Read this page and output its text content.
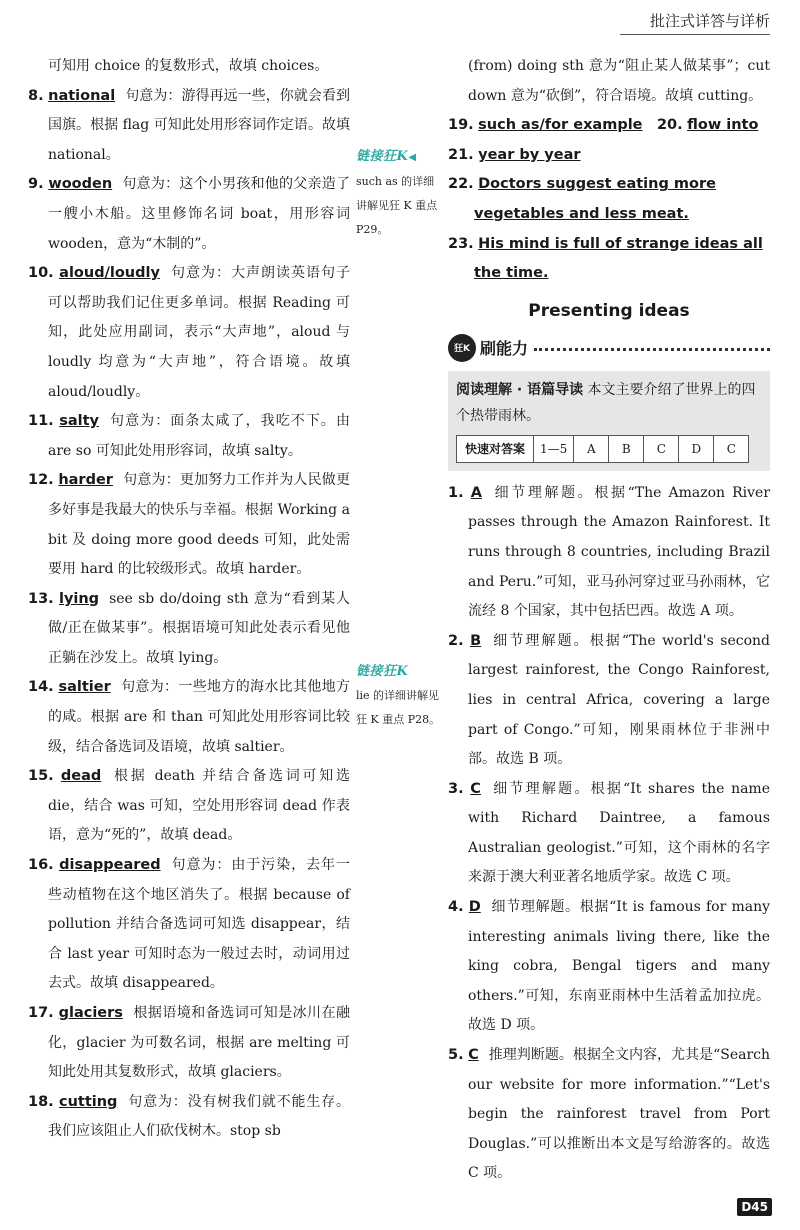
批注式详答与详析

可知用 choice 的复数形式，故填 choices。

8. national 句意为：游得再远一些，你就会看到国旗。根据 flag 可知此处用形容词作定语。故填 national。

9. wooden 句意为：这个小男孩和他的父亲造了一艘小木船。这里修饰名词 boat，用形容词 wooden，意为“木制的”。

10. aloud/loudly 句意为：大声朗读英语句子可以帮助我们记住更多单词。根据 Reading 可知，此处应用副词，表示“大声地”，aloud 与 loudly 均意为“大声地”，符合语境。故填 aloud/loudly。

11. salty 句意为：面条太咸了，我吃不下。由 are so 可知此处用形容词，故填 salty。

12. harder 句意为：更加努力工作并为人民做更多好事是我最大的快乐与幸福。根据 Working a bit 及 doing more good deeds 可知，此处需要用 hard 的比较级形式。故填 harder。

13. lying see sb do/doing sth 意为“看到某人做/正在做某事”。根据语境可知此处表示看见他正躺在沙发上。故填 lying。

14. saltier 句意为：一些地方的海水比其他地方的咸。根据 are 和 than 可知此处用形容词比较级，结合备选词及语境，故填 saltier。

15. dead 根据 death 并结合备选词可知选 die，结合 was 可知，空处用形容词 dead 作表语，意为“死的”，故填 dead。

16. disappeared 句意为：由于污染，去年一些动植物在这个地区消失了。根据 because of pollution 并结合备选词可知选 disappear，结合 last year 可知时态为一般过去时，动词用过去式。故填 disappeared。

17. glaciers 根据语境和备选词可知是冰川在融化，glacier 为可数名词，根据 are melting 可知此处用其复数形式，故填 glaciers。

18. cutting 句意为：没有树我们就不能生存。我们应该阻止人们砍伐树木。stop sb

链接狂K◀
such as 的详细讲解见狂 K 重点 P29。
链接狂K
lie 的详细讲解见狂 K 重点 P28。

(from) doing sth 意为“阻止某人做某事”；cut down 意为“砍倒”，符合语境。故填 cutting。

19. such as/for example 20. flow into

21. year by year

22. Doctors suggest eating more vegetables and less meat.

23. His mind is full of strange ideas all the time.

Presenting ideas
狂K 刷能力
阅读理解 · 语篇导读 本文主要介绍了世界上的四个热带雨林。
快速对答案	1—5	A	B	C	D	C

1. A 细节理解题。根据“The Amazon River passes through the Amazon Rainforest. It runs through 8 countries, including Brazil and Peru.”可知，亚马孙河穿过亚马孙雨林，它流经 8 个国家，其中包括巴西。故选 A 项。

2. B 细节理解题。根据“The world's second largest rainforest, the Congo Rainforest, lies in central Africa, covering a large part of Congo.”可知，刚果雨林位于非洲中部。故选 B 项。

3. C 细节理解题。根据“It shares the name with Richard Daintree, a famous Australian geologist.”可知，这个雨林的名字来源于澳大利亚著名地质学家。故选 C 项。

4. D 细节理解题。根据“It is famous for many interesting animals living there, like the king cobra, Bengal tigers and many others.”可知，东南亚雨林中生活着孟加拉虎。故选 D 项。

5. C 推理判断题。根据全文内容，尤其是“Search our website for more information.”“Let's begin the rainforest travel from Port Douglas.”可以推断出本文是写给游客的。故选 C 项。

D45
